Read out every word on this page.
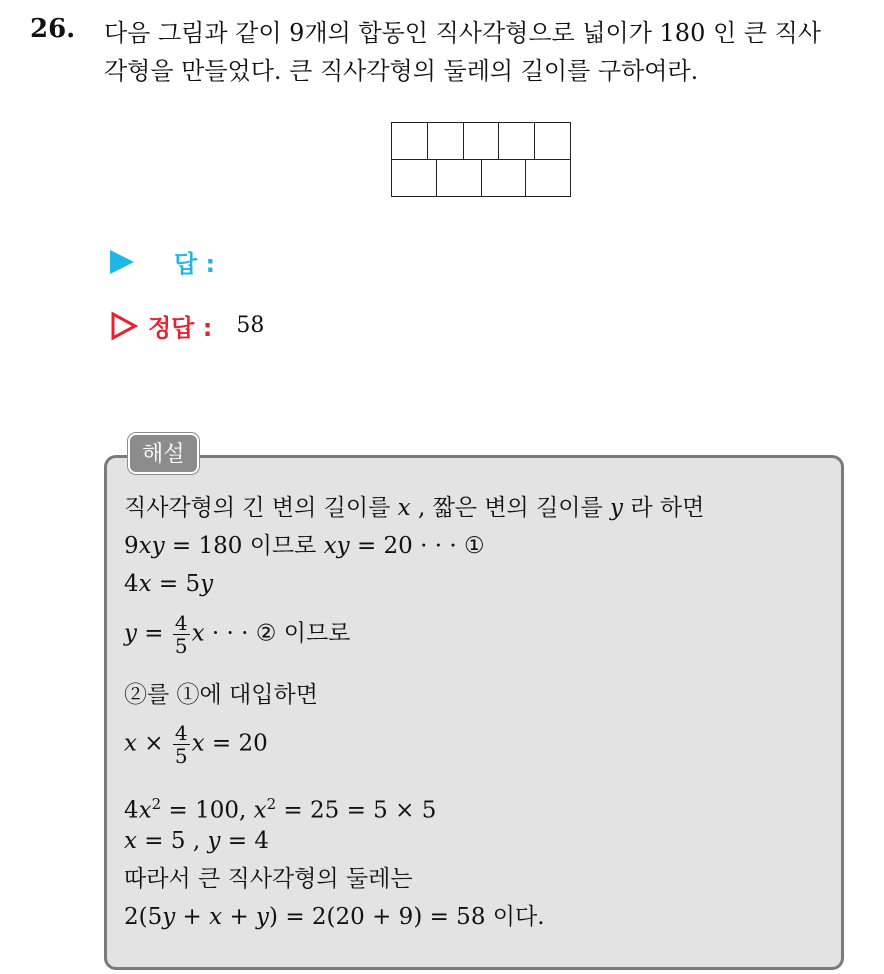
26. 다음 그림과 같이 9개의 합동인 직사각형으로 넓이가 180 인 큰 직사
각형을 만들었다. 큰 직사각형의 둘레의 길이를 구하여라.
답 :
정답 : 58
해설
직사각형의 긴 변의 길이를 x , 짧은 변의 길이를 y 라 하면
9xy = 180 이므로 xy = 20 · · · ①
4x = 5y
$y = \frac{4}{5}$ x · · · ② 이므로
②를 ①에 대입하면
$x \times \frac{4}{5}$ x = 20
$4x^2 = 100$, $x^2 = 25 = 5 \times 5$
x = 5 , y = 4
따라서 큰 직사각형의 둘레는
2(5y + x + y) = 2(20 + 9) = 58 이다.
